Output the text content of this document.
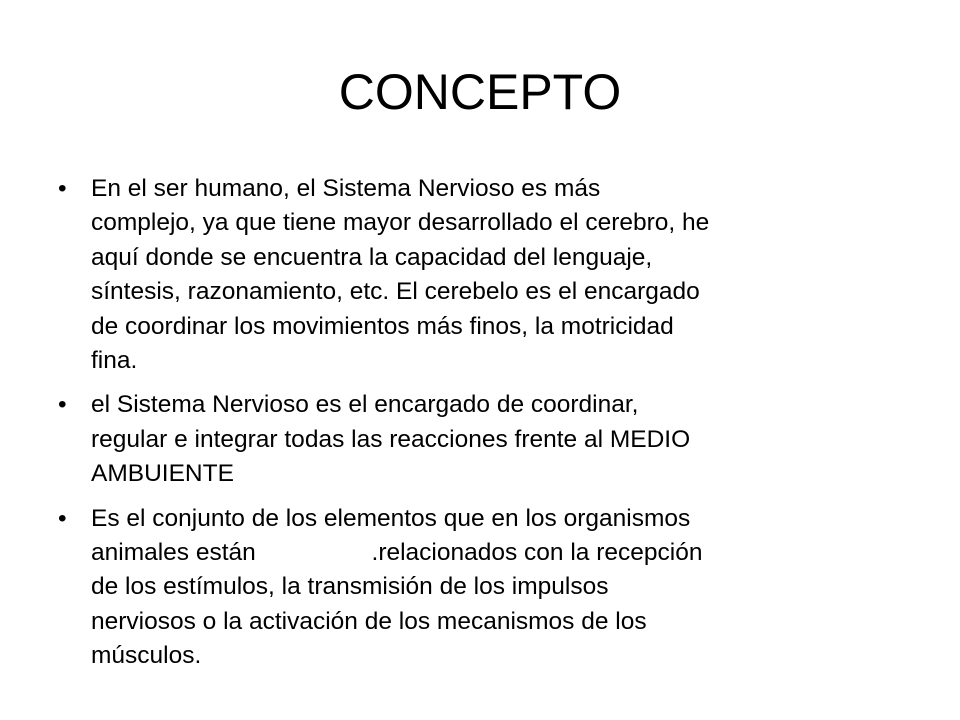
CONCEPTO
• En el ser humano, el Sistema Nervioso es más
complejo, ya que tiene mayor desarrollado el cerebro, he
aquí donde se encuentra la capacidad del lenguaje,
síntesis, razonamiento, etc. El cerebelo es el encargado
de coordinar los movimientos más finos, la motricidad
fina.
• el Sistema Nervioso es el encargado de coordinar,
regular e integrar todas las reacciones frente al MEDIO
AMBUIENTE
• Es el conjunto de los elementos que en los organismos
animales están                 .relacionados con la recepción
de los estímulos, la transmisión de los impulsos
nerviosos o la activación de los mecanismos de los
músculos.
